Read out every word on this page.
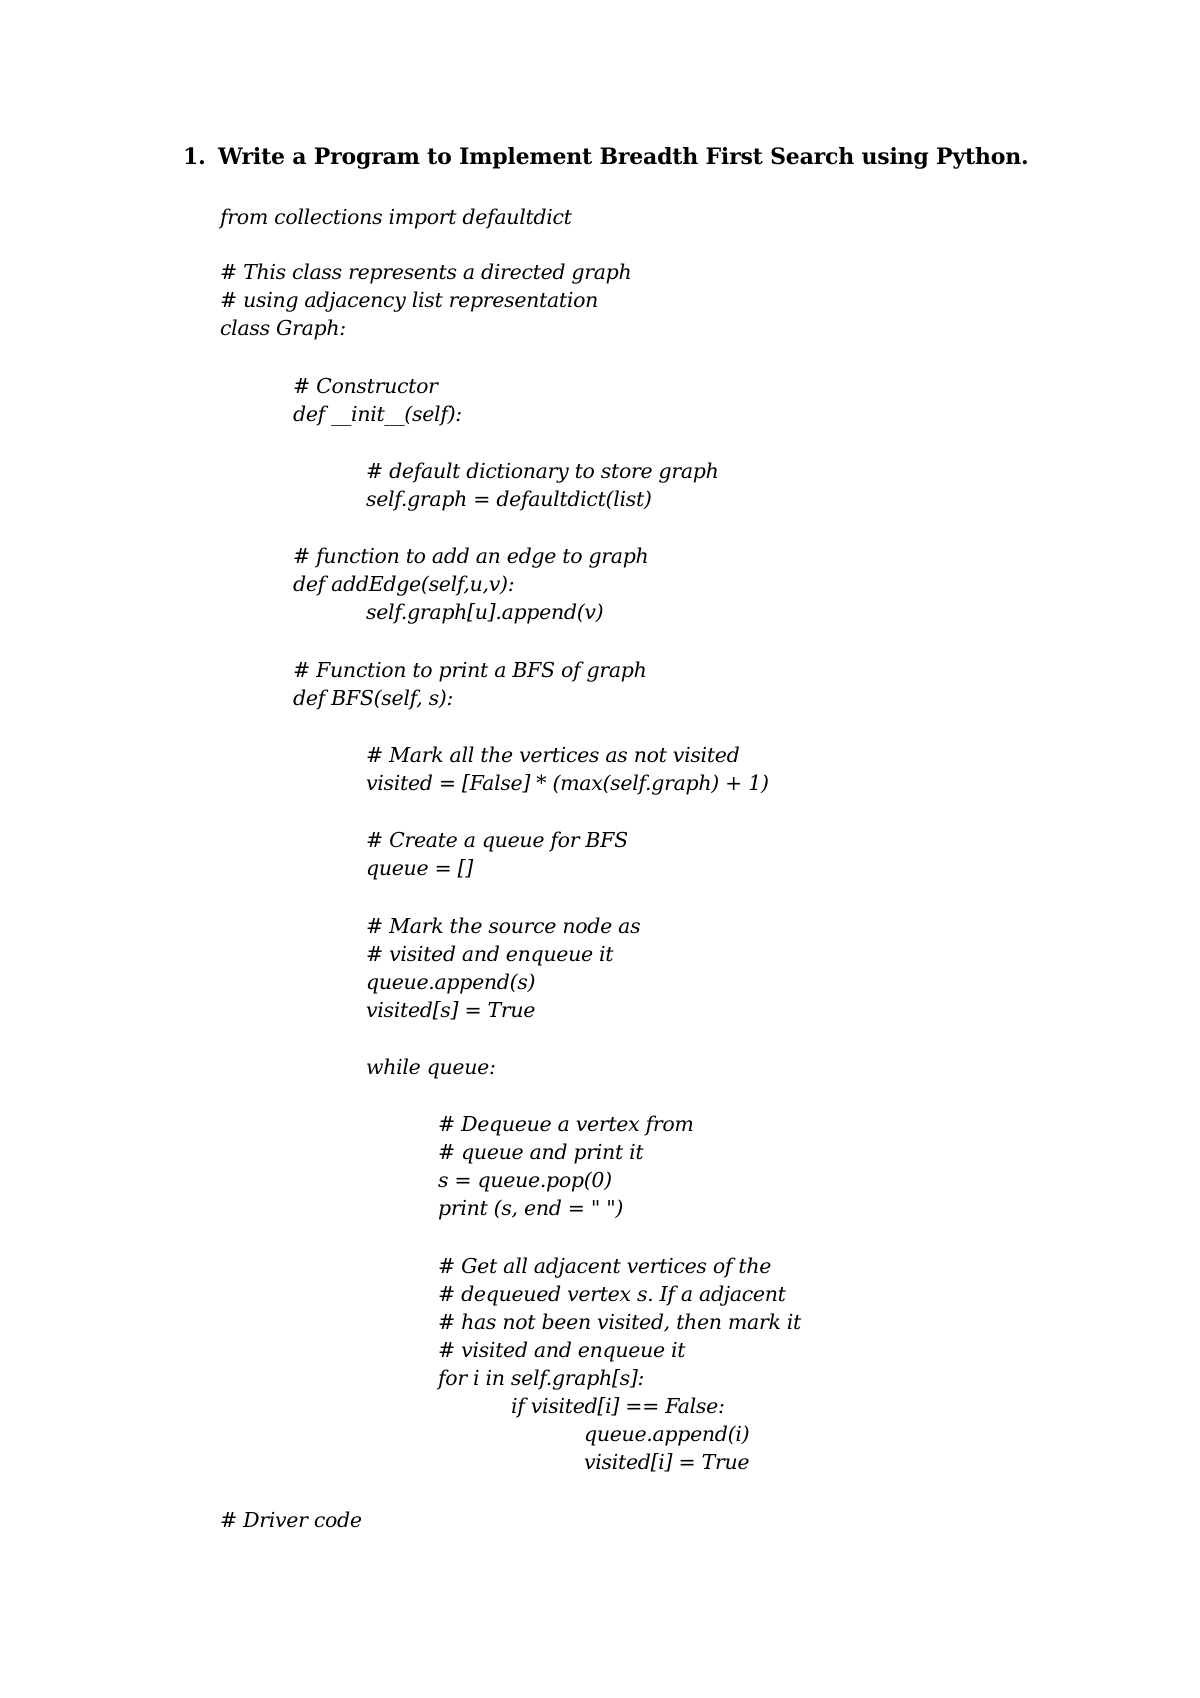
1. Write a Program to Implement Breadth First Search using Python.
from collections import defaultdict
# This class represents a directed graph
# using adjacency list representation
class Graph:
# Constructor
def __init__(self):
# default dictionary to store graph
self.graph = defaultdict(list)
# function to add an edge to graph
def addEdge(self,u,v):
self.graph[u].append(v)
# Function to print a BFS of graph
def BFS(self, s):
# Mark all the vertices as not visited
visited = [False] * (max(self.graph) + 1)
# Create a queue for BFS
queue = []
# Mark the source node as
# visited and enqueue it
queue.append(s)
visited[s] = True
while queue:
# Dequeue a vertex from
# queue and print it
s = queue.pop(0)
print (s, end = " ")
# Get all adjacent vertices of the
# dequeued vertex s. If a adjacent
# has not been visited, then mark it
# visited and enqueue it
for i in self.graph[s]:
if visited[i] == False:
queue.append(i)
visited[i] = True
# Driver code
